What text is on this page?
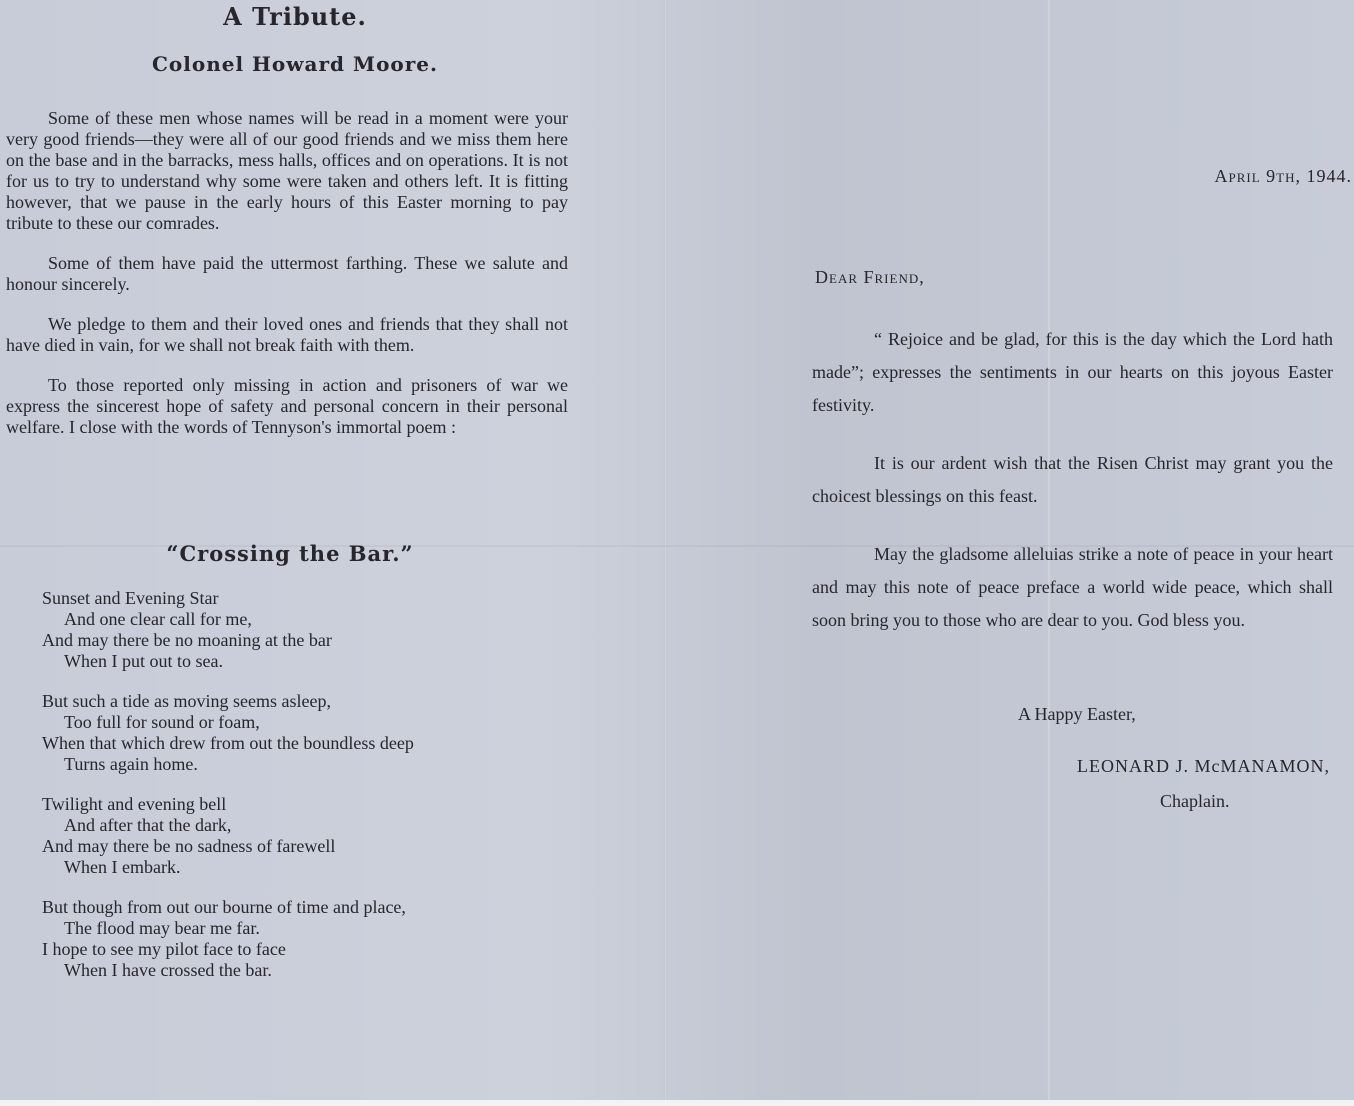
A Tribute.
Colonel Howard Moore.

Some of these men whose names will be read in a moment were your very good friends—they were all of our good friends and we miss them here on the base and in the barracks, mess halls, offices and on operations. It is not for us to try to understand why some were taken and others left. It is fitting however, that we pause in the early hours of this Easter morning to pay tribute to these our comrades.

Some of them have paid the uttermost farthing. These we salute and honour sincerely.

We pledge to them and their loved ones and friends that they shall not have died in vain, for we shall not break faith with them.

To those reported only missing in action and prisoners of war we express the sincerest hope of safety and personal concern in their personal welfare. I close with the words of Tennyson's immortal poem :

“Crossing the Bar.”
Sunset and Evening Star
And one clear call for me,
And may there be no moaning at the bar
When I put out to sea.
But such a tide as moving seems asleep,
Too full for sound or foam,
When that which drew from out the boundless deep
Turns again home.
Twilight and evening bell
And after that the dark,
And may there be no sadness of farewell
When I embark.
But though from out our bourne of time and place,
The flood may bear me far.
I hope to see my pilot face to face
When I have crossed the bar.
April 9th, 1944.
Dear Friend,

“ Rejoice and be glad, for this is the day which the Lord hath made”; expresses the sentiments in our hearts on this joyous Easter festivity.

It is our ardent wish that the Risen Christ may grant you the choicest blessings on this feast.

May the gladsome alleluias strike a note of peace in your heart and may this note of peace preface a world wide peace, which shall soon bring you to those who are dear to you. God bless you.

A Happy Easter,
LEONARD J. McMANAMON,
Chaplain.
